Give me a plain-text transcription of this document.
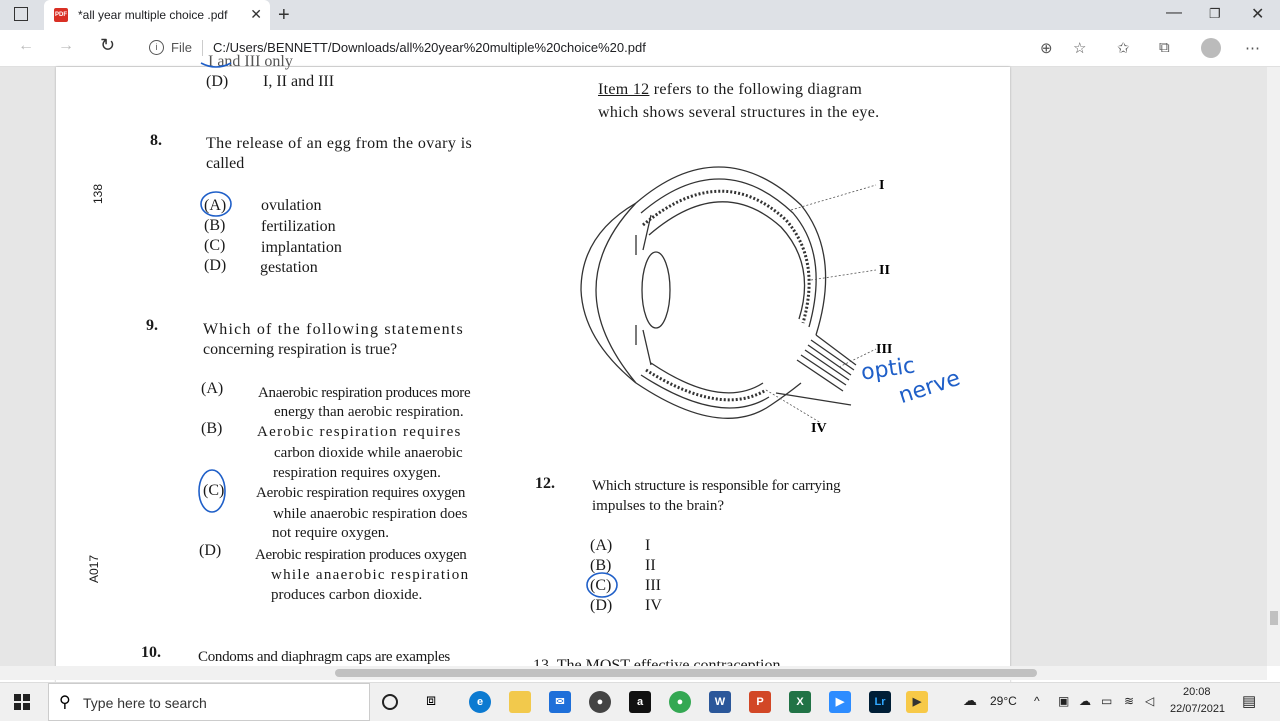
PDF *all year multiple choice .pdf ✕ +	— ❐ ✕
← → ↻	i	File C:/Users/BENNETT/Downloads/all%20year%20multiple%20choice%20.pdf	⊕ ☆ ✩ ⧉	⋯
I and III only
(D) I, II and III
138
A017
8.	The release of an egg from the ovary is
called
(A) ovulation
(B) fertilization
(C) implantation
(D) gestation
9.	Which of the following statements
concerning respiration is true?
(A) Anaerobic respiration produces more
energy than aerobic respiration.
(B) Aerobic respiration requires
carbon dioxide while anaerobic
respiration requires oxygen.
(C) Aerobic respiration requires oxygen
while anaerobic respiration does
not require oxygen.
(D) Aerobic respiration produces oxygen
while anaerobic respiration
produces carbon dioxide.
10. Condoms and diaphragm caps are examples
Item 12 refers to the following diagram
which shows several structures in the eye.
I
II
III
IV
optic
nerve
12. Which structure is responsible for carrying
impulses to the brain?
(A) I
(B) II
(C) III
(D) IV
⚲ Type here to search	⧈	e	✉	●	a	●	W	P	X	▶	Lr	▶	☁ 29°C ^ ▣ ☁ ▭ ≋ ◁
20:08
22/07/2021 ▤
